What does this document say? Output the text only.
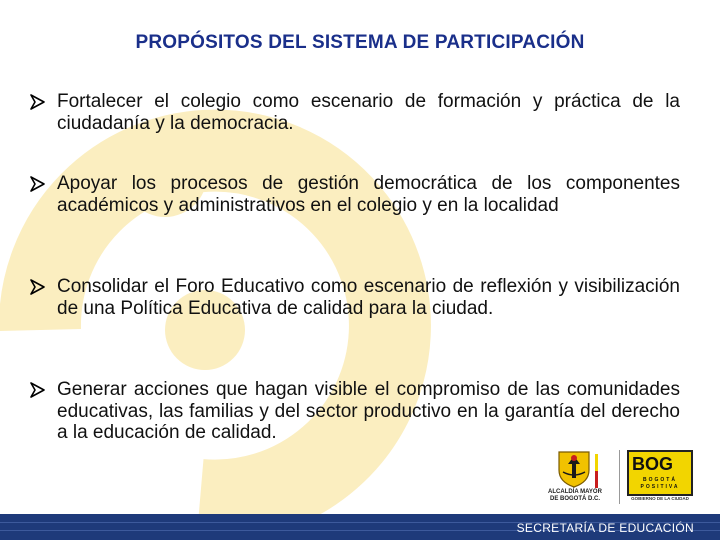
PROPÓSITOS DEL SISTEMA DE PARTICIPACIÓN
Fortalecer el colegio como escenario de formación y práctica de la ciudadanía y la democracia.
Apoyar los procesos de gestión democrática de los componentes académicos y administrativos en el colegio y en la localidad
Consolidar el Foro Educativo como escenario de reflexión y visibilización de una Política Educativa de calidad para la ciudad.
Generar acciones que hagan visible el compromiso de las comunidades educativas, las familias y del sector productivo en la garantía del derecho a la educación de calidad.
ALCALDÍA MAYOR
DE BOGOTÁ D.C.
BOG
BOGOTÁ
POSITIVA
GOBIERNO DE LA CIUDAD
SECRETARÍA DE EDUCACIÓN
